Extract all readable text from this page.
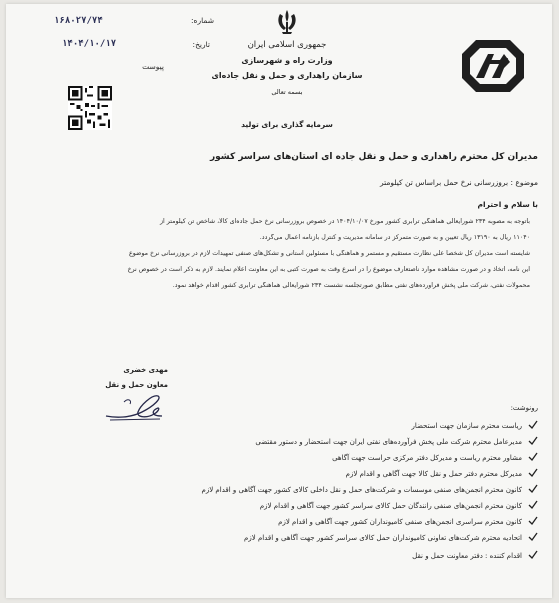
شماره:
۱۶۸۰۲۷/۷۴
تاریخ:
۱۴۰۴/۱۰/۱۷
پیوست
جمهوری اسلامی ایران
وزارت راه و شهرسازی
سازمان راهداری و حمل و نقل جاده‌ای
بسمه تعالی
سرمایه گذاری برای تولید
مدیران کل محترم راهداری و حمل و نقل جاده ای استان‌های سراسر کشور
موضوع : بروزرسانی نرخ حمل براساس تن کیلومتر
با سلام و احترام
باتوجه به مصوبه ۲۳۴ شورایعالی هماهنگی ترابری کشور مورخ ۱۴۰۴/۱۰/۰۷ در خصوص بروزرسانی نرخ حمل جاده‌ای کالا، شاخص تن کیلومتر از
۱۱۰۴۰ ریال به ۱۳۱۹۰ ریال تعیین و به صورت متمرکز در سامانه مدیریت و کنترل بازنامه اعمال می‌گردد.
شایسته است مدیران کل شخصاً علی نظارت مستقیم و مستمر و هماهنگی با مسئولین استانی و تشکل‌های صنفی تمهیدات لازم در بروزرسانی نرخ موضوع
این نامه، اتخاذ و در صورت مشاهده موارد ناصتعارف موضوع را در اسرع وقت به صورت کتبی به این معاونت اعلام نمایند. لازم به ذکر است در خصوص نرخ
محمولات نفتی، شرکت ملی پخش فراورده‌های نفتی مطابق صورتجلسه نشست ۲۳۴ شورایعالی هماهنگی ترابری کشور اقدام خواهد نمود.
مهدی خضری
معاون حمل و نقل
رونوشت:
ریاست محترم سازمان جهت استحضار
مدیرعامل محترم شرکت ملی پخش فرآورده‌های نفتی ایران جهت استحضار و دستور مقتضی
مشاور محترم ریاست و مدیرکل دفتر مرکزی حراست جهت آگاهی
مدیرکل محترم دفتر حمل و نقل کالا جهت آگاهی و اقدام لازم
کانون محترم انجمن‌های صنفی موسسات و شرکت‌های حمل و نقل داخلی کالای کشور جهت آگاهی و اقدام لازم
کانون محترم انجمن‌های صنفی رانندگان حمل کالای سراسر کشور جهت آگاهی و اقدام لازم
کانون محترم سراسری انجمن‌های صنفی کامیونداران کشور جهت آگاهی و اقدام لازم
اتحادیه محترم شرکت‌های تعاونی کامیونداران حمل کالای سراسر کشور جهت آگاهی و اقدام لازم
اقدام کننده : دفتر معاونت حمل و نقل
